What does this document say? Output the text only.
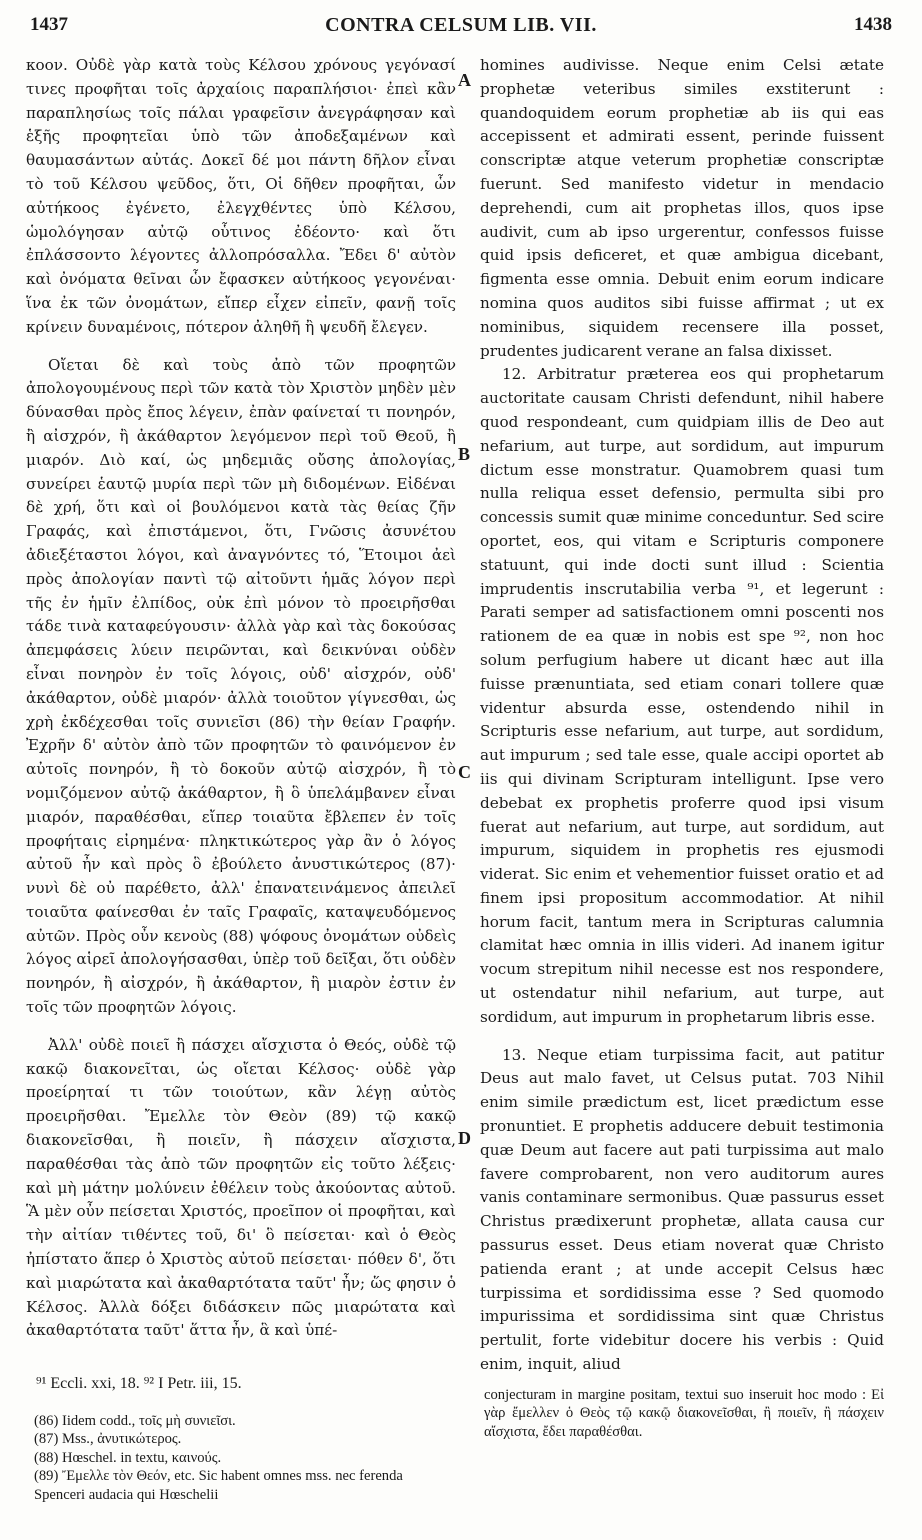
1437	CONTRA CELSUM LIB. VII.	1438

κοον. Οὐδὲ γὰρ κατὰ τοὺς Κέλσου χρόνους γεγόνασί τινες προφῆται τοῖς ἀρχαίοις παραπλήσιοι· ἐπεὶ κἂν παραπλησίως τοῖς πάλαι γραφεῖσιν ἀνεγράφησαν καὶ ἑξῆς προφητεῖαι ὑπὸ τῶν ἀποδεξαμένων καὶ θαυμασάντων αὐτάς. Δοκεῖ δέ μοι πάντη δῆλον εἶναι τὸ τοῦ Κέλσου ψεῦδος, ὅτι, Οἱ δῆθεν προφῆται, ὧν αὐτήκοος ἐγένετο, ἐλεγχθέντες ὑπὸ Κέλσου, ὡμολόγησαν αὐτῷ οὗτινος ἐδέοντο· καὶ ὅτι ἐπλάσσοντο λέγοντες ἀλλοπρόσαλλα. Ἔδει δ' αὐτὸν καὶ ὀνόματα θεῖναι ὧν ἔφασκεν αὐτήκοος γεγονέναι· ἵνα ἐκ τῶν ὀνομάτων, εἴπερ εἶχεν εἰπεῖν, φανῇ τοῖς κρίνειν δυναμένοις, πότερον ἀληθῆ ἢ ψευδῆ ἔλεγεν.

Οἴεται δὲ καὶ τοὺς ἀπὸ τῶν προφητῶν ἀπολογουμένους περὶ τῶν κατὰ τὸν Χριστὸν μηδὲν μὲν δύνασθαι πρὸς ἔπος λέγειν, ἐπὰν φαίνεταί τι πονηρόν, ἢ αἰσχρόν, ἢ ἀκάθαρτον λεγόμενον περὶ τοῦ Θεοῦ, ἢ μιαρόν. Διὸ καί, ὡς μηδεμιᾶς οὔσης ἀπολογίας, συνείρει ἑαυτῷ μυρία περὶ τῶν μὴ διδομένων. Εἰδέναι δὲ χρή, ὅτι καὶ οἱ βουλόμενοι κατὰ τὰς θείας ζῆν Γραφάς, καὶ ἐπιστάμενοι, ὅτι, Γνῶσις ἀσυνέτου ἀδιεξέταστοι λόγοι, καὶ ἀναγνόντες τό, Ἕτοιμοι ἀεὶ πρὸς ἀπολογίαν παντὶ τῷ αἰτοῦντι ἡμᾶς λόγον περὶ τῆς ἐν ἡμῖν ἐλπίδος, οὐκ ἐπὶ μόνον τὸ προειρῆσθαι τάδε τινὰ καταφεύγουσιν· ἀλλὰ γὰρ καὶ τὰς δοκούσας ἀπεμφάσεις λύειν πειρῶνται, καὶ δεικνύναι οὐδὲν εἶναι πονηρὸν ἐν τοῖς λόγοις, οὐδ' αἰσχρόν, οὐδ' ἀκάθαρτον, οὐδὲ μιαρόν· ἀλλὰ τοιοῦτον γίγνεσθαι, ὡς χρὴ ἐκδέχεσθαι τοῖς συνιεῖσι (86) τὴν θείαν Γραφήν. Ἐχρῆν δ' αὐτὸν ἀπὸ τῶν προφητῶν τὸ φαινόμενον ἐν αὐτοῖς πονηρόν, ἢ τὸ δοκοῦν αὐτῷ αἰσχρόν, ἢ τὸ νομιζόμενον αὐτῷ ἀκάθαρτον, ἢ ὃ ὑπελάμβανεν εἶναι μιαρόν, παραθέσθαι, εἴπερ τοιαῦτα ἔβλεπεν ἐν τοῖς προφήταις εἰρημένα· πληκτικώτερος γὰρ ἂν ὁ λόγος αὐτοῦ ἦν καὶ πρὸς ὃ ἐβούλετο ἀνυστικώτερος (87)· νυνὶ δὲ οὐ παρέθετο, ἀλλ' ἐπανατεινάμενος ἀπειλεῖ τοιαῦτα φαίνεσθαι ἐν ταῖς Γραφαῖς, καταψευδόμενος αὐτῶν. Πρὸς οὖν κενοὺς (88) ψόφους ὀνομάτων οὐδεὶς λόγος αἱρεῖ ἀπολογήσασθαι, ὑπὲρ τοῦ δεῖξαι, ὅτι οὐδὲν πονηρόν, ἢ αἰσχρόν, ἢ ἀκάθαρτον, ἢ μιαρὸν ἐστιν ἐν τοῖς τῶν προφητῶν λόγοις.

Ἀλλ' οὐδὲ ποιεῖ ἢ πάσχει αἴσχιστα ὁ Θεός, οὐδὲ τῷ κακῷ διακονεῖται, ὡς οἴεται Κέλσος· οὐδὲ γὰρ προείρηταί τι τῶν τοιούτων, κἂν λέγῃ αὐτὸς προειρῆσθαι. Ἔμελλε τὸν Θεὸν (89) τῷ κακῷ διακονεῖσθαι, ἢ ποιεῖν, ἢ πάσχειν αἴσχιστα, παραθέσθαι τὰς ἀπὸ τῶν προφητῶν εἰς τοῦτο λέξεις· καὶ μὴ μάτην μολύνειν ἐθέλειν τοὺς ἀκούοντας αὐτοῦ. Ἃ μὲν οὖν πείσεται Χριστός, προεῖπον οἱ προφῆται, καὶ τὴν αἰτίαν τιθέντες τοῦ, δι' ὃ πείσεται· καὶ ὁ Θεὸς ἠπίστατο ἅπερ ὁ Χριστὸς αὐτοῦ πείσεται· πόθεν δ', ὅτι καὶ μιαρώτατα καὶ ἀκαθαρτότατα ταῦτ' ἦν; ὥς φησιν ὁ Κέλσος. Ἀλλὰ δόξει διδάσκειν πῶς μιαρώτατα καὶ ἀκαθαρτότατα ταῦτ' ἅττα ἦν, ἃ καὶ ὑπέ-

A
B
C
D

homines audivisse. Neque enim Celsi ætate prophetæ veteribus similes exstiterunt : quandoquidem eorum prophetiæ ab iis qui eas accepissent et admirati essent, perinde fuissent conscriptæ atque veterum prophetiæ conscriptæ fuerunt. Sed manifesto videtur in mendacio deprehendi, cum ait prophetas illos, quos ipse audivit, cum ab ipso urgerentur, confessos fuisse quid ipsis deficeret, et quæ ambigua dicebant, figmenta esse omnia. Debuit enim eorum indicare nomina quos auditos sibi fuisse affirmat ; ut ex nominibus, siquidem recensere illa posset, prudentes judicarent verane an falsa dixisset.

12. Arbitratur præterea eos qui prophetarum auctoritate causam Christi defendunt, nihil habere quod respondeant, cum quidpiam illis de Deo aut nefarium, aut turpe, aut sordidum, aut impurum dictum esse monstratur. Quamobrem quasi tum nulla reliqua esset defensio, permulta sibi pro concessis sumit quæ minime conceduntur. Sed scire oportet, eos, qui vitam e Scripturis componere statuunt, qui inde docti sunt illud : Scientia imprudentis inscrutabilia verba ⁹¹, et legerunt : Parati semper ad satisfactionem omni poscenti nos rationem de ea quæ in nobis est spe ⁹², non hoc solum perfugium habere ut dicant hæc aut illa fuisse prænuntiata, sed etiam conari tollere quæ videntur absurda esse, ostendendo nihil in Scripturis esse nefarium, aut turpe, aut sordidum, aut impurum ; sed tale esse, quale accipi oportet ab iis qui divinam Scripturam intelligunt. Ipse vero debebat ex prophetis proferre quod ipsi visum fuerat aut nefarium, aut turpe, aut sordidum, aut impurum, siquidem in prophetis res ejusmodi viderat. Sic enim et vehementior fuisset oratio et ad finem ipsi propositum accommodatior. At nihil horum facit, tantum mera in Scripturas calumnia clamitat hæc omnia in illis videri. Ad inanem igitur vocum strepitum nihil necesse est nos respondere, ut ostendatur nihil nefarium, aut turpe, aut sordidum, aut impurum in prophetarum libris esse.

13. Neque etiam turpissima facit, aut patitur Deus aut malo favet, ut Celsus putat. 703 Nihil enim simile prædictum est, licet prædictum esse pronuntiet. E prophetis adducere debuit testimonia quæ Deum aut facere aut pati turpissima aut malo favere comprobarent, non vero auditorum aures vanis contaminare sermonibus. Quæ passurus esset Christus prædixerunt prophetæ, allata causa cur passurus esset. Deus etiam noverat quæ Christo patienda erant ; at unde accepit Celsus hæc turpissima et sordidissima esse ? Sed quomodo impurissima et sordidissima sint quæ Christus pertulit, forte videbitur docere his verbis : Quid enim, inquit, aliud

⁹¹ Eccli. xxi, 18. ⁹² I Petr. iii, 15.

(86) Iidem codd., τοῖς μὴ συνιεῖσι.

(87) Mss., ἀνυτικώτερος.

(88) Hœschel. in textu, καινούς.

(89) Ἔμελλε τὸν Θεόν, etc. Sic habent omnes mss. nec ferenda Spenceri audacia qui Hœschelii

conjecturam in margine positam, textui suo inseruit hoc modo : Εἰ γὰρ ἔμελλεν ὁ Θεὸς τῷ κακῷ διακονεῖσθαι, ἢ ποιεῖν, ἢ πάσχειν αἴσχιστα, ἔδει παραθέσθαι.
